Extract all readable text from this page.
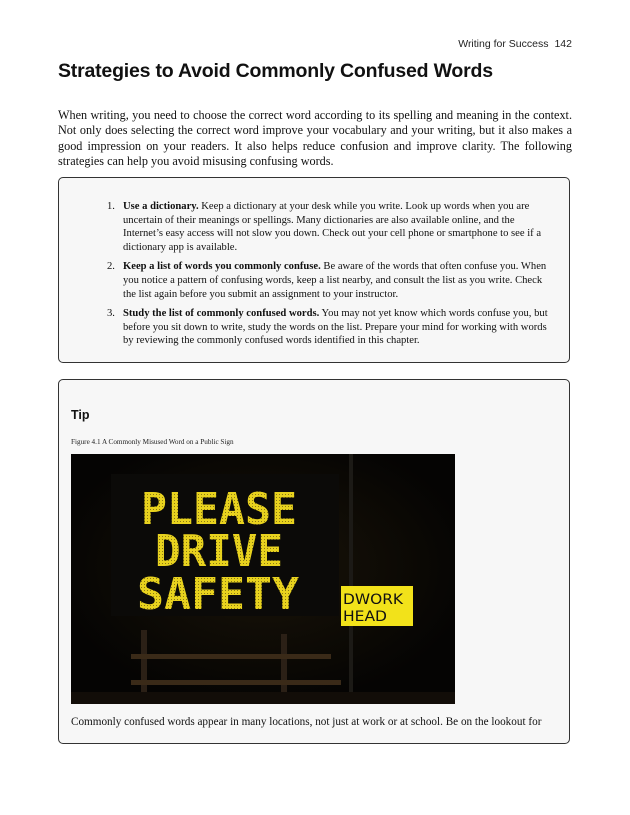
Writing for Success 142
Strategies to Avoid Commonly Confused Words

When writing, you need to choose the correct word according to its spelling and meaning in the context. Not only does selecting the correct word improve your vocabulary and your writing, but it also makes a good impression on your readers. It also helps reduce confusion and improve clarity. The following strategies can help you avoid misusing confusing words.

1. Use a dictionary. Keep a dictionary at your desk while you write. Look up words when you are uncertain of their meanings or spellings. Many dictionaries are also available online, and the Internet’s easy access will not slow you down. Check out your cell phone or smartphone to see if a dictionary app is available.
2. Keep a list of words you commonly confuse. Be aware of the words that often confuse you. When you notice a pattern of confusing words, keep a list nearby, and consult the list as you write. Check the list again before you submit an assignment to your instructor.
3. Study the list of commonly confused words. You may not yet know which words confuse you, but before you sit down to write, study the words on the list. Prepare your mind for working with words by reviewing the commonly confused words identified in this chapter.
Tip
Figure 4.1 A Commonly Misused Word on a Public Sign
PLEASE
DRIVE
SAFETY	DWORK
HEAD
Commonly confused words appear in many locations, not just at work or at school. Be on the lookout for
